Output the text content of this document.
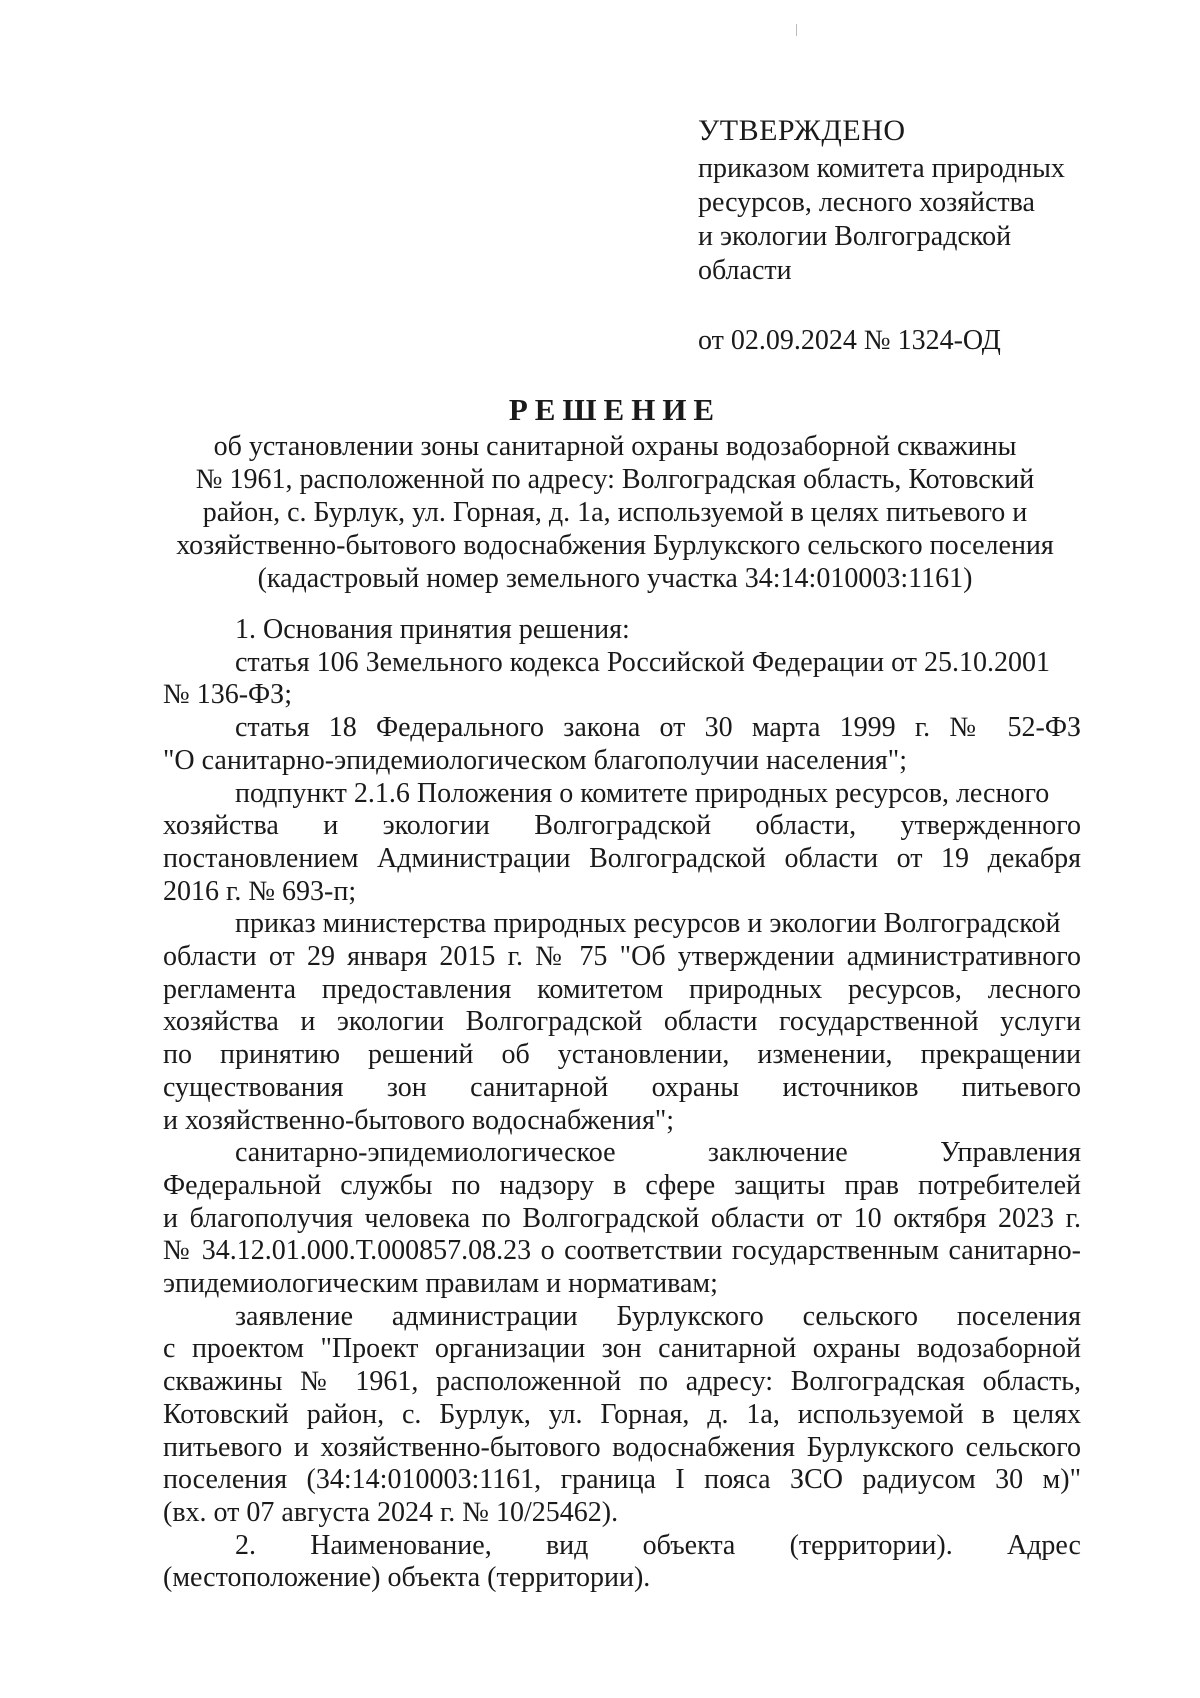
УТВЕРЖДЕНО
приказом комитета природных
ресурсов, лесного хозяйства
и экологии Волгоградской
области
от 02.09.2024 № 1324-ОД
РЕШЕНИЕ
об установлении зоны санитарной охраны водозаборной скважины
№ 1961, расположенной по адресу: Волгоградская область, Котовский
район, с. Бурлук, ул. Горная, д. 1а, используемой в целях питьевого и
хозяйственно-бытового водоснабжения Бурлукского сельского поселения
(кадастровый номер земельного участка 34:14:010003:1161)
1. Основания принятия решения:
статья 106 Земельного кодекса Российской Федерации от 25.10.2001
№ 136-ФЗ;
статья 18 Федерального закона от 30 марта 1999 г. № 52-ФЗ
"О санитарно-эпидемиологическом благополучии населения";
подпункт 2.1.6 Положения о комитете природных ресурсов, лесного
хозяйства и экологии Волгоградской области, утвержденного
постановлением Администрации Волгоградской области от 19 декабря
2016 г. № 693-п;
приказ министерства природных ресурсов и экологии Волгоградской
области от 29 января 2015 г. № 75 "Об утверждении административного
регламента предоставления комитетом природных ресурсов, лесного
хозяйства и экологии Волгоградской области государственной услуги
по принятию решений об установлении, изменении, прекращении
существования зон санитарной охраны источников питьевого
и хозяйственно-бытового водоснабжения";
санитарно-эпидемиологическое заключение Управления
Федеральной службы по надзору в сфере защиты прав потребителей
и благополучия человека по Волгоградской области от 10 октября 2023 г.
№ 34.12.01.000.Т.000857.08.23 о соответствии государственным санитарно-
эпидемиологическим правилам и нормативам;
заявление администрации Бурлукского сельского поселения
с проектом "Проект организации зон санитарной охраны водозаборной
скважины № 1961, расположенной по адресу: Волгоградская область,
Котовский район, с. Бурлук, ул. Горная, д. 1а, используемой в целях
питьевого и хозяйственно-бытового водоснабжения Бурлукского сельского
поселения (34:14:010003:1161, граница I пояса ЗСО радиусом 30 м)"
(вх. от 07 августа 2024 г. № 10/25462).
2. Наименование, вид объекта (территории). Адрес
(местоположение) объекта (территории).
